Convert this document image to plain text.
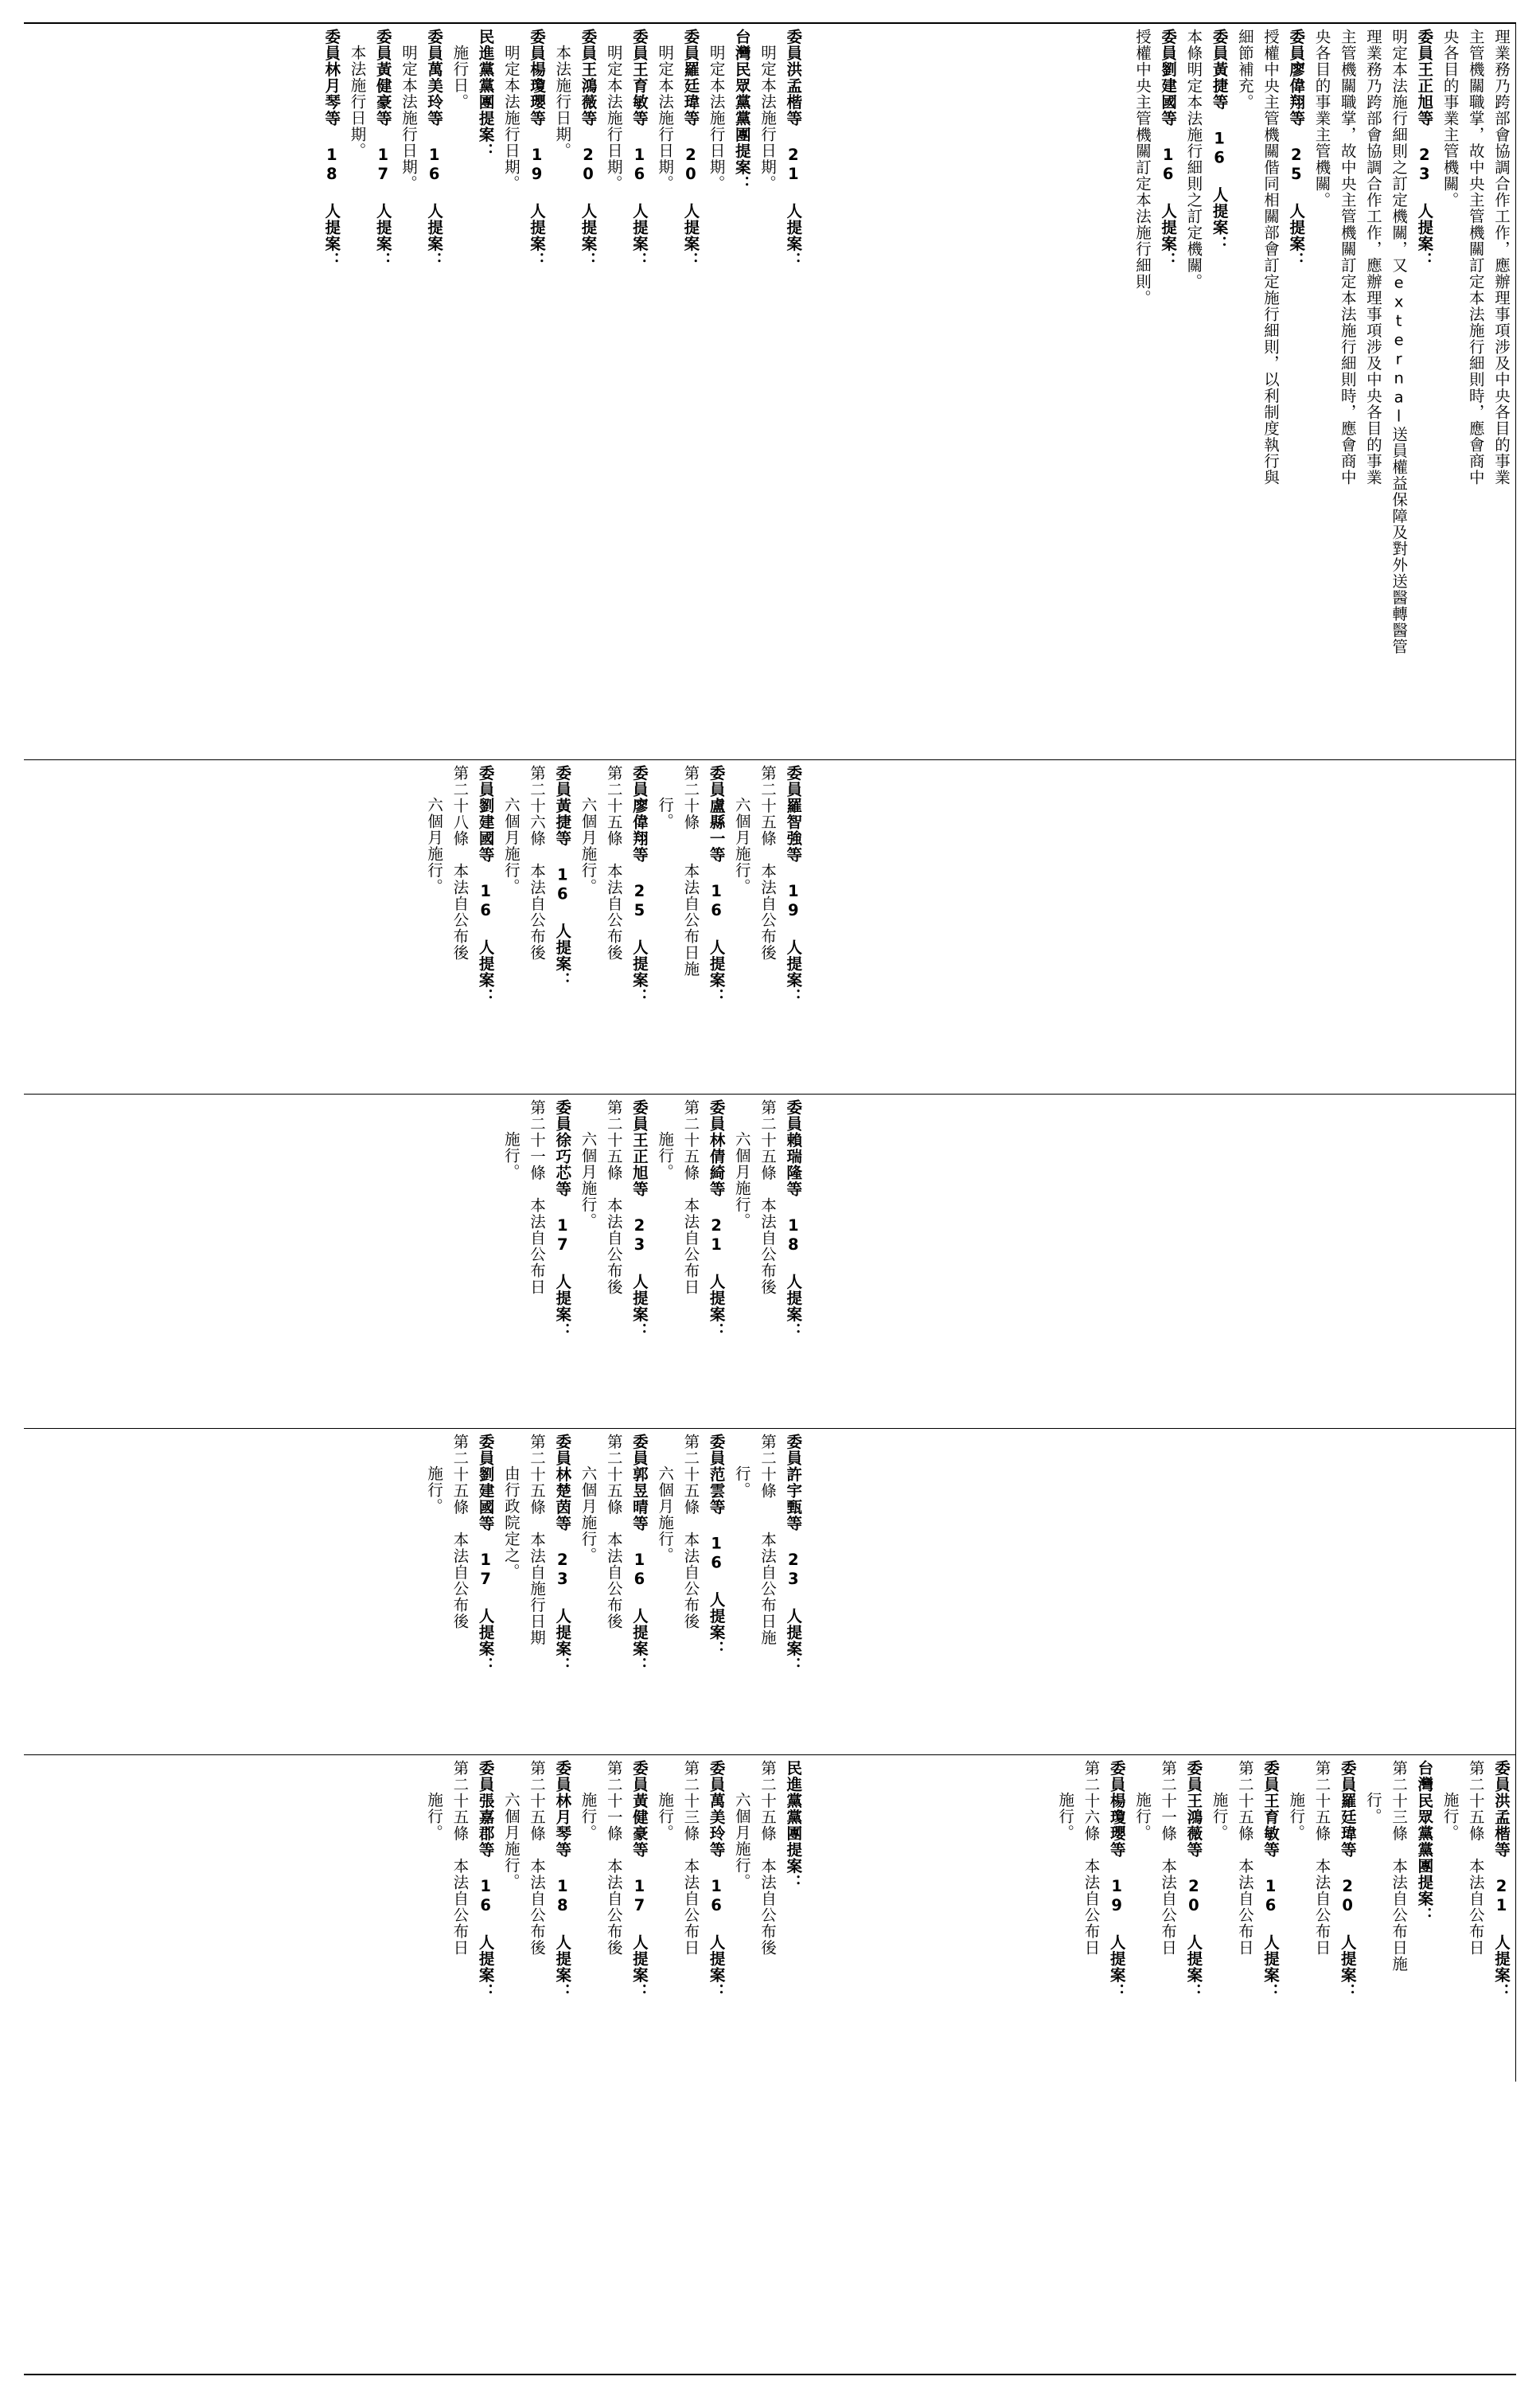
委員洪孟楷等 21 人提案：
明定本法施行日期。
台灣民眾黨黨團提案：
明定本法施行日期。
委員羅廷瑋等 20 人提案：
明定本法施行日期。
委員王育敏等 16 人提案：
明定本法施行日期。
委員王鴻薇等 20 人提案：
本法施行日期。
委員楊瓊瓔等 19 人提案：
明定本法施行日期。
民進黨黨團提案：
施行日。
委員萬美玲等 16 人提案：
明定本法施行日期。
委員黃健豪等 17 人提案：
本法施行日期。
委員林月琴等 18 人提案：	理業務乃跨部會協調合作工作，應辦理事項涉及中央各目的事業
主管機關職掌，故中央主管機關訂定本法施行細則時，應會商中
央各目的事業主管機關。
委員王正旭等 23 人提案：
明定本法施行細則之訂定機關，又external送員權益保障及對外送醫轉醫管
理業務乃跨部會協調合作工作，應辦理事項涉及中央各目的事業
主管機關職掌，故中央主管機關訂定本法施行細則時，應會商中
央各目的事業主管機關。
委員廖偉翔等 25 人提案：
授權中央主管機關偕同相關部會訂定施行細則，以利制度執行與
細節補充。
委員黃捷等 16 人提案：
本條明定本法施行細則之訂定機關。
委員劉建國等 16 人提案：
授權中央主管機關訂定本法施行細則。
委員羅智強等 19 人提案：
第二十五條　本法自公布後
六個月施行。
委員盧縣一等 16 人提案：
第二十條　　本法自公布日施
行。
委員廖偉翔等 25 人提案：
第二十五條　本法自公布後
六個月施行。
委員黃捷等 16 人提案：
第二十六條　本法自公布後
六個月施行。
委員劉建國等 16 人提案：
第二十八條　本法自公布後
六個月施行。
委員賴瑞隆等 18 人提案：
第二十五條　本法自公布後
六個月施行。
委員林倩綺等 21 人提案：
第二十五條　本法自公布日
施行。
委員王正旭等 23 人提案：
第二十五條　本法自公布後
六個月施行。
委員徐巧芯等 17 人提案：
第二十一條　本法自公布日
施行。
委員許宇甄等 23 人提案：
第二十條　　本法自公布日施
行。
委員范雲等 16 人提案：
第二十五條　本法自公布後
六個月施行。
委員郭昱晴等 16 人提案：
第二十五條　本法自公布後
六個月施行。
委員林楚茵等 23 人提案：
第二十五條　本法自施行日期
由行政院定之。
委員劉建國等 17 人提案：
第二十五條　本法自公布後
施行。
民進黨黨團提案：
第二十五條　本法自公布後
六個月施行。
委員萬美玲等 16 人提案：
第二十三條　本法自公布日
施行。
委員黃健豪等 17 人提案：
第二十一條　本法自公布後
施行。
委員林月琴等 18 人提案：
第二十五條　本法自公布後
六個月施行。
委員張嘉郡等 16 人提案：
第二十五條　本法自公布日
施行。	委員洪孟楷等 21 人提案：
第二十五條　本法自公布日
施行。
台灣民眾黨黨團提案：
第二十三條　本法自公布日施
行。
委員羅廷瑋等 20 人提案：
第二十五條　本法自公布日
施行。
委員王育敏等 16 人提案：
第二十五條　本法自公布日
施行。
委員王鴻薇等 20 人提案：
第二十一條　本法自公布日
施行。
委員楊瓊瓔等 19 人提案：
第二十六條　本法自公布日
施行。
